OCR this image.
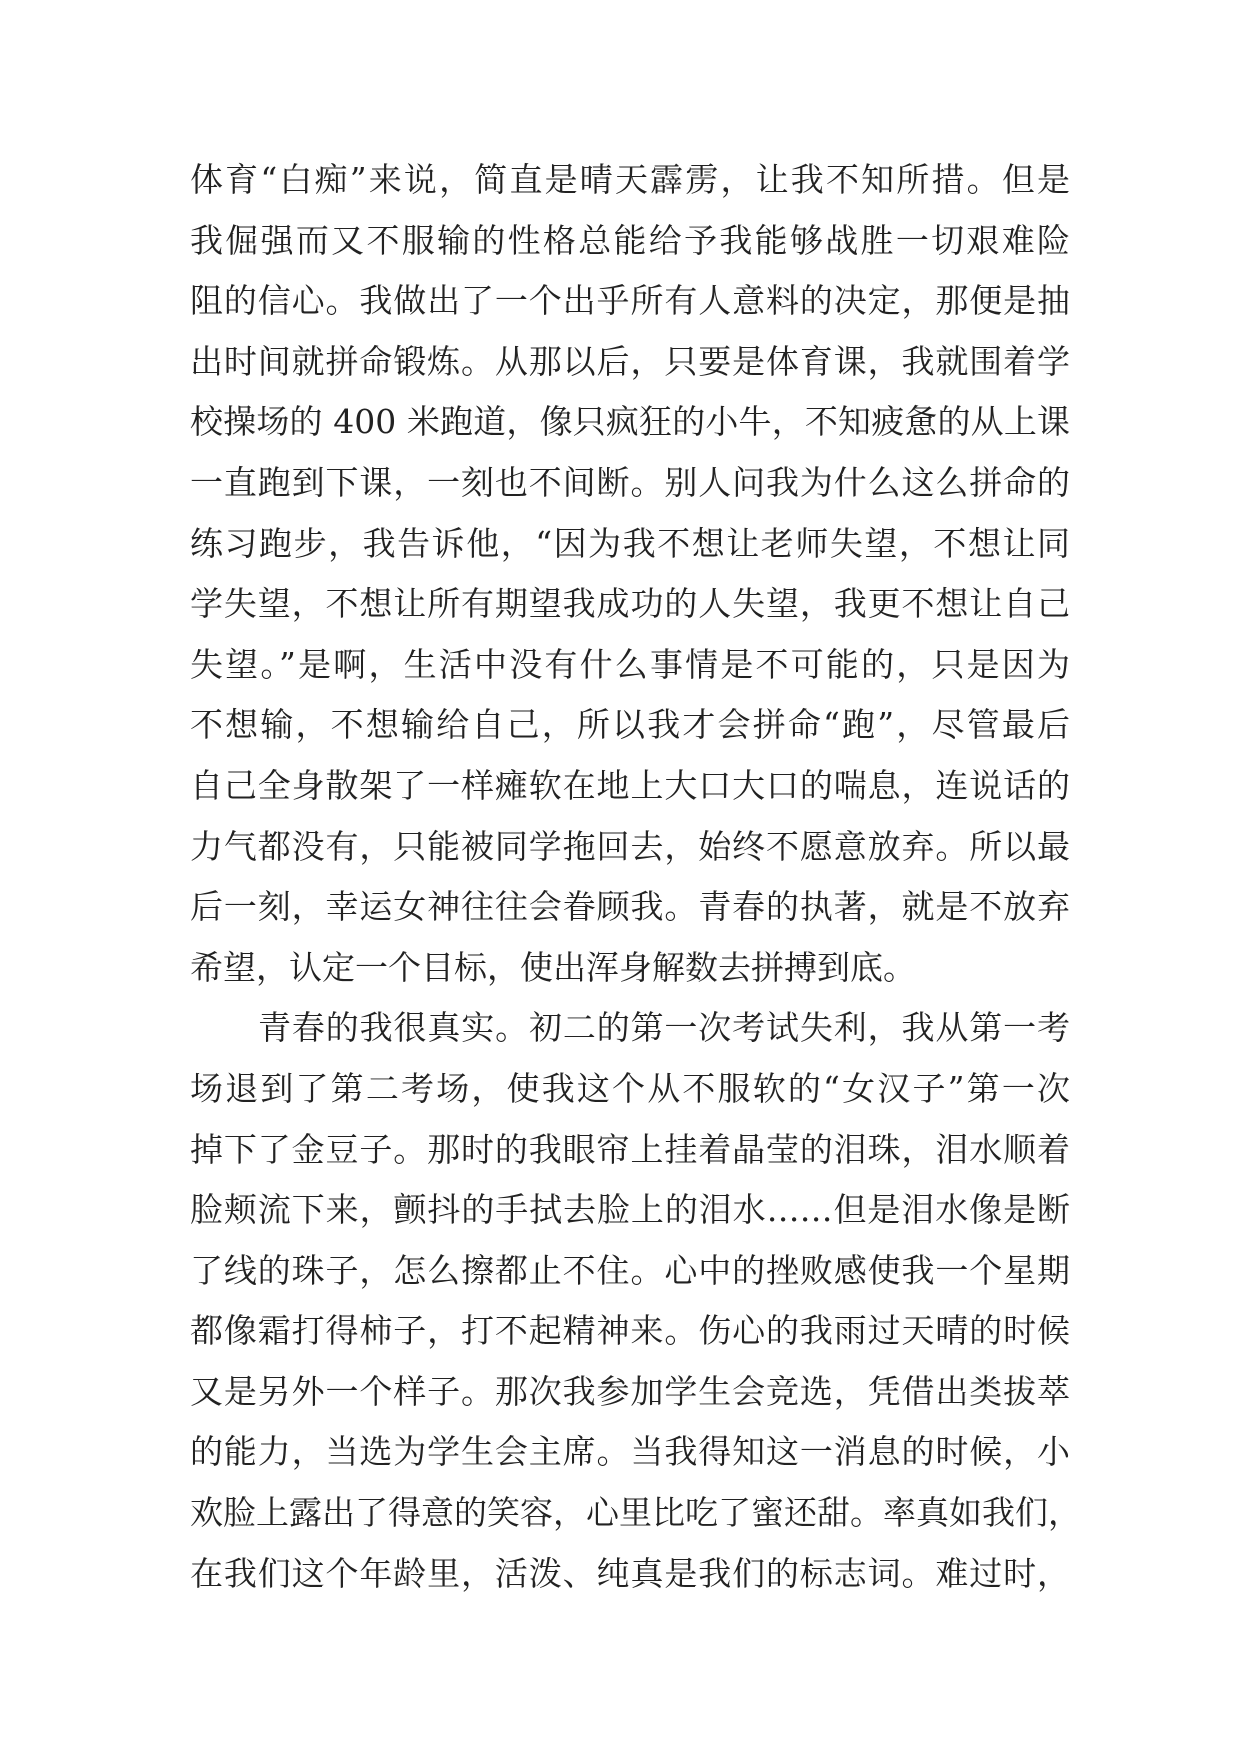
体育“白痴”来说，简直是晴天霹雳，让我不知所措。但是
我倔强而又不服输的性格总能给予我能够战胜一切艰难险
阻的信心。我做出了一个出乎所有人意料的决定，那便是抽
出时间就拼命锻炼。从那以后，只要是体育课，我就围着学
校操场的 400 米跑道，像只疯狂的小牛，不知疲惫的从上课
一直跑到下课，一刻也不间断。别人问我为什么这么拼命的
练习跑步，我告诉他，“因为我不想让老师失望，不想让同
学失望，不想让所有期望我成功的人失望，我更不想让自己
失望。”是啊，生活中没有什么事情是不可能的，只是因为
不想输，不想输给自己，所以我才会拼命“跑”，尽管最后
自己全身散架了一样瘫软在地上大口大口的喘息，连说话的
力气都没有，只能被同学拖回去，始终不愿意放弃。所以最
后一刻，幸运女神往往会眷顾我。青春的执著，就是不放弃
希望，认定一个目标，使出浑身解数去拼搏到底。
青春的我很真实。初二的第一次考试失利，我从第一考
场退到了第二考场，使我这个从不服软的“女汉子”第一次
掉下了金豆子。那时的我眼帘上挂着晶莹的泪珠，泪水顺着
脸颊流下来，颤抖的手拭去脸上的泪水……但是泪水像是断
了线的珠子，怎么擦都止不住。心中的挫败感使我一个星期
都像霜打得柿子，打不起精神来。伤心的我雨过天晴的时候
又是另外一个样子。那次我参加学生会竞选，凭借出类拔萃
的能力，当选为学生会主席。当我得知这一消息的时候，小
欢脸上露出了得意的笑容，心里比吃了蜜还甜。率真如我们，
在我们这个年龄里，活泼、纯真是我们的标志词。难过时，
